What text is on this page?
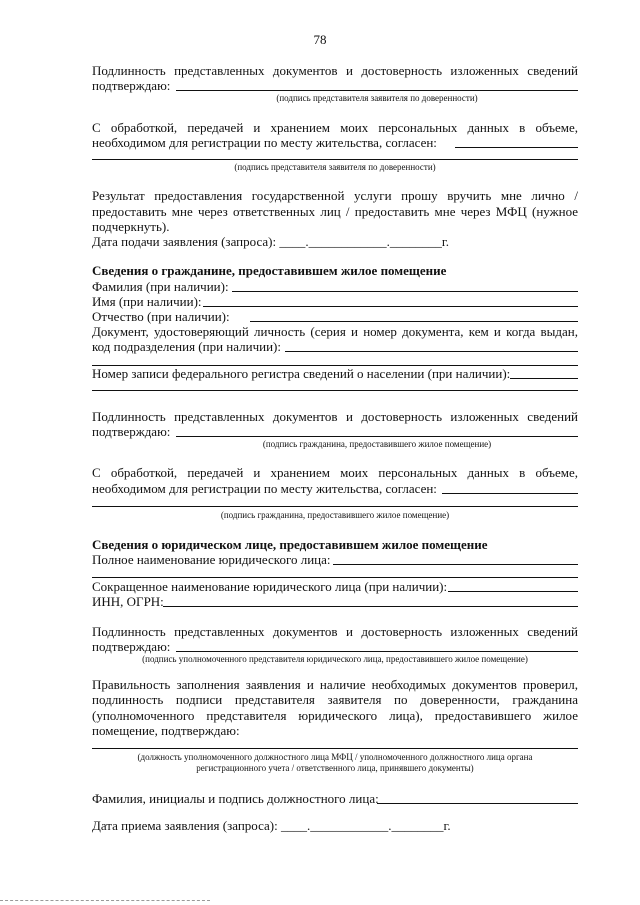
78
Подлинность представленных документов и достоверность изложенных сведений
подтверждаю:
(подпись представителя заявителя по доверенности)
С обработкой, передачей и хранением моих персональных данных в объеме,
необходимом для регистрации по месту жительства, согласен:
(подпись представителя заявителя по доверенности)
Результат предоставления государственной услуги прошу вручить мне лично /
предоставить мне через ответственных лиц / предоставить мне через МФЦ (нужное
подчеркнуть).
Дата подачи заявления (запроса): ____.____________.________г.
Сведения о гражданине, предоставившем жилое помещение
Фамилия (при наличии):
Имя (при наличии):
Отчество (при наличии):
Документ, удостоверяющий личность (серия и номер документа, кем и когда выдан,
код подразделения (при наличии):
Номер записи федерального регистра сведений о населении (при наличии):
Подлинность представленных документов и достоверность изложенных сведений
подтверждаю:
(подпись гражданина, предоставившего жилое помещение)
С обработкой, передачей и хранением моих персональных данных в объеме,
необходимом для регистрации по месту жительства, согласен:
(подпись гражданина, предоставившего жилое помещение)
Сведения о юридическом лице, предоставившем жилое помещение
Полное наименование юридического лица:
Сокращенное наименование юридического лица (при наличии):
ИНН, ОГРН:
Подлинность представленных документов и достоверность изложенных сведений
подтверждаю:
(подпись уполномоченного представителя юридического лица, предоставившего жилое помещение)
Правильность заполнения заявления и наличие необходимых документов проверил,
подлинность подписи представителя заявителя по доверенности, гражданина
(уполномоченного представителя юридического лица), предоставившего жилое
помещение, подтверждаю:
(должность уполномоченного должностного лица МФЦ / уполномоченного должностного лица органа
регистрационного учета / ответственного лица, принявшего документы)
Фамилия, инициалы и подпись должностного лица:
Дата приема заявления (запроса): ____.____________.________г.
